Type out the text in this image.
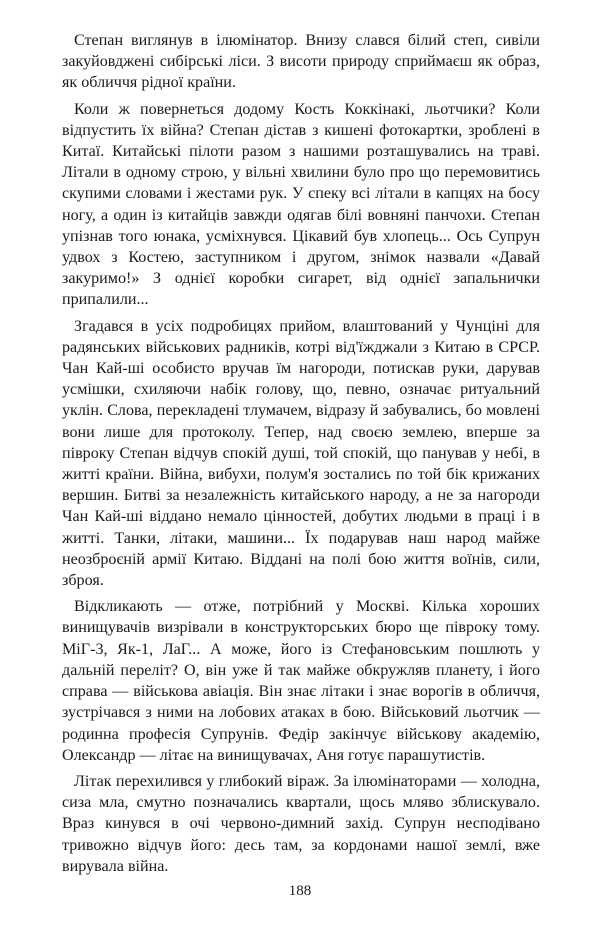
Степан виглянув в ілюмінатор. Внизу слався білий степ, сивіли закуйовджені сибірські ліси. З висоти природу сприймаєш як образ, як обличчя рідної країни.

Коли ж повернеться додому Кость Коккінакі, льотчики? Коли відпустить їх війна? Степан дістав з кишені фотокартки, зроблені в Китаї. Китайські пілоти разом з нашими розташувались на траві. Літали в одному строю, у вільні хвилини було про що перемовитись скупими словами і жестами рук. У спеку всі літали в капцях на босу ногу, а один із китайців завжди одягав білі вовняні панчохи. Степан упізнав того юнака, усміхнувся. Цікавий був хлопець... Ось Супрун удвох з Костею, заступником і другом, знімок назвали «Давай закуримо!» З однієї коробки сигарет, від однієї запальнички припалили...

Згадався в усіх подробицях прийом, влаштований у Чунціні для радянських військових радників, котрі від'їжджали з Китаю в СРСР. Чан Кай-ші особисто вручав їм нагороди, потискав руки, дарував усмішки, схиляючи набік голову, що, певно, означає ритуальний уклін. Слова, перекладені тлумачем, відразу й забувались, бо мовлені вони лише для протоколу. Тепер, над своєю землею, вперше за півроку Степан відчув спокій душі, той спокій, що панував у небі, в житті країни. Війна, вибухи, полум'я зостались по той бік крижаних вершин. Битві за незалежність китайського народу, а не за нагороди Чан Кай-ші віддано немало цінностей, добутих людьми в праці і в житті. Танки, літаки, машини... Їх подарував наш народ майже неозброєній армії Китаю. Віддані на полі бою життя воїнів, сили, зброя.

Відкликають — отже, потрібний у Москві. Кілька хороших винищувачів визрівали в конструкторських бюро ще півроку тому. МіГ-3, Як-1, ЛаГ... А може, його із Стефановським пошлють у дальній переліт? О, він уже й так майже обкружляв планету, і його справа — військова авіація. Він знає літаки і знає ворогів в обличчя, зустрічався з ними на лобових атаках в бою. Військовий льотчик — родинна професія Супрунів. Федір закінчує військову академію, Олександр — літає на винищувачах, Аня готує парашутистів.

Літак перехилився у глибокий віраж. За ілюмінаторами — холодна, сиза мла, смутно позначались квартали, щось мляво зблискувало. Враз кинувся в очі червоно-димний захід. Супрун несподівано тривожно відчув його: десь там, за кордонами нашої землі, вже вирувала війна.

188
